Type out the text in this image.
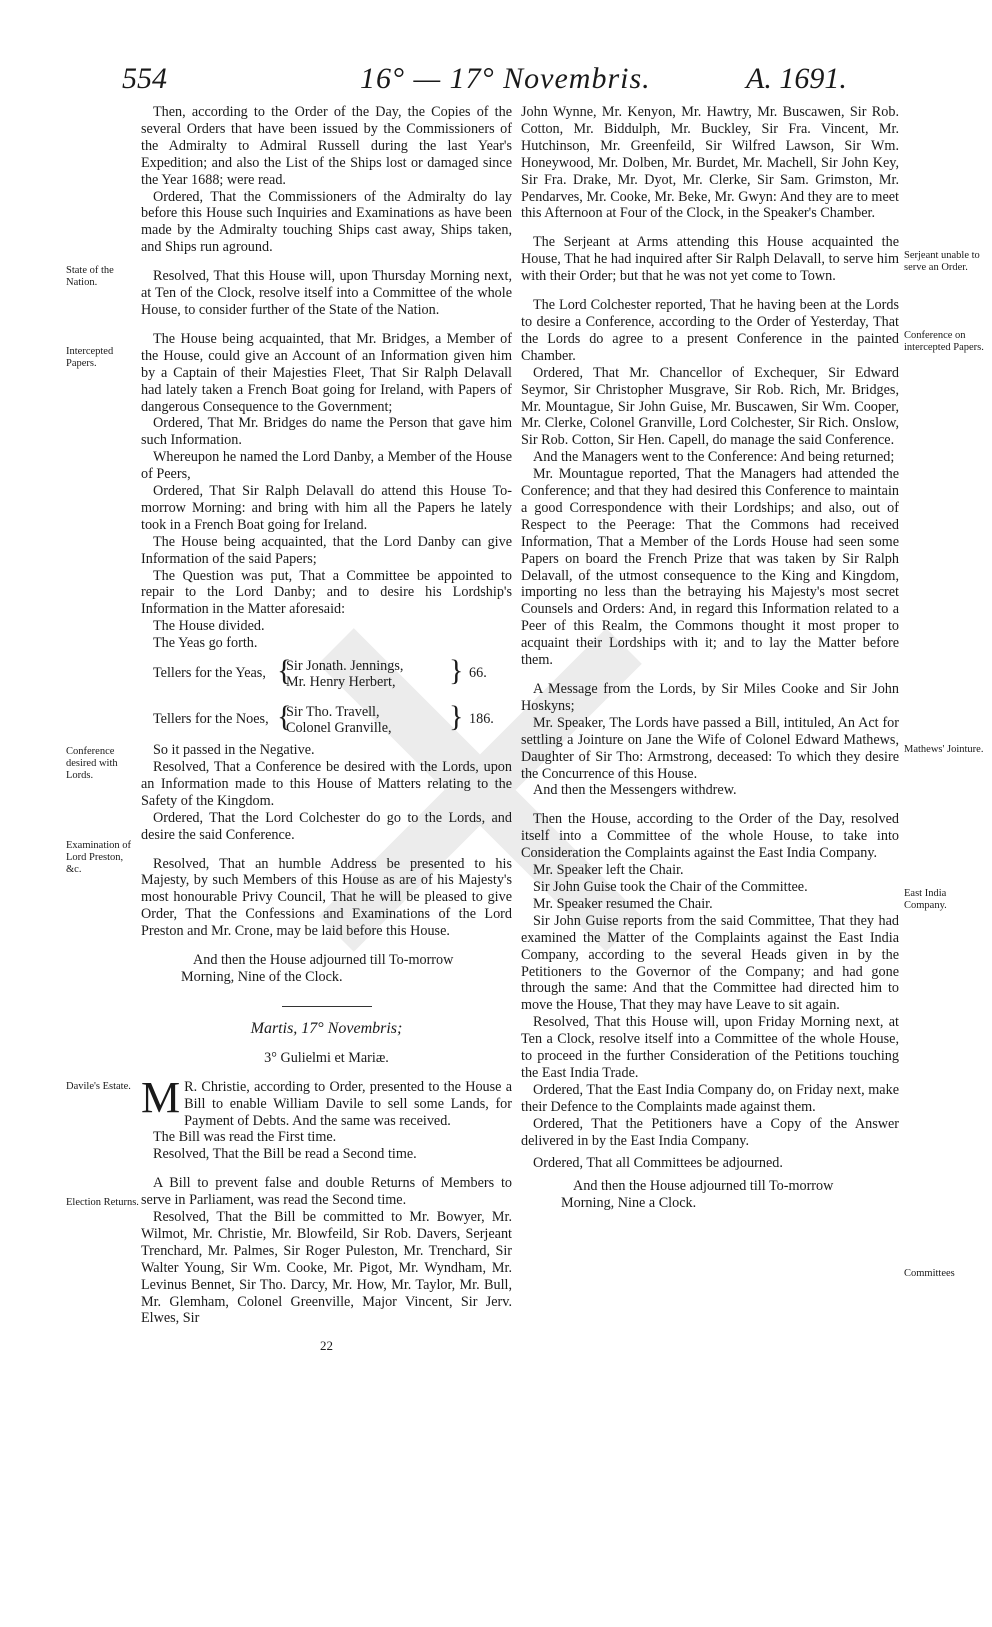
554	16° — 17° Novembris.	A. 1691.
State of the Nation.
Intercepted Papers.
Conference desired with Lords.
Examination of Lord Preston, &c.
Davile's Estate.
Election Returns.
Serjeant unable to serve an Order.
Conference on intercepted Papers.
Mathews' Jointure.
East India Company.
Committees

Then, according to the Order of the Day, the Copies of the several Orders that have been issued by the Commissioners of the Admiralty to Admiral Russell during the last Year's Expedition; and also the List of the Ships lost or damaged since the Year 1688; were read.

Ordered, That the Commissioners of the Admiralty do lay before this House such Inquiries and Examinations as have been made by the Admiralty touching Ships cast away, Ships taken, and Ships run aground.

Resolved, That this House will, upon Thursday Morning next, at Ten of the Clock, resolve itself into a Committee of the whole House, to consider further of the State of the Nation.

The House being acquainted, that Mr. Bridges, a Member of the House, could give an Account of an Information given him by a Captain of their Majesties Fleet, That Sir Ralph Delavall had lately taken a French Boat going for Ireland, with Papers of dangerous Consequence to the Government;

Ordered, That Mr. Bridges do name the Person that gave him such Information.

Whereupon he named the Lord Danby, a Member of the House of Peers,

Ordered, That Sir Ralph Delavall do attend this House To-morrow Morning: and bring with him all the Papers he lately took in a French Boat going for Ireland.

The House being acquainted, that the Lord Danby can give Information of the said Papers;

The Question was put, That a Committee be appointed to repair to the Lord Danby; and to desire his Lordship's Information in the Matter aforesaid:

The House divided.

The Yeas go forth.

Tellers for the Yeas, {
Sir Jonath. Jennings,
Mr. Henry Herbert, } 66.
Tellers for the Noes, {
Sir Tho. Travell,
Colonel Granville, } 186.

So it passed in the Negative.

Resolved, That a Conference be desired with the Lords, upon an Information made to this House of Matters relating to the Safety of the Kingdom.

Ordered, That the Lord Colchester do go to the Lords, and desire the said Conference.

Resolved, That an humble Address be presented to his Majesty, by such Members of this House as are of his Majesty's most honourable Privy Council, That he will be pleased to give Order, That the Confessions and Examinations of the Lord Preston and Mr. Crone, may be laid before this House.

And then the House adjourned till To-morrow Morning, Nine of the Clock.

Martis, 17° Novembris;

3° Gulielmi et Mariæ.

M R. Christie, according to Order, presented to the House a Bill to enable William Davile to sell some Lands, for Payment of Debts. And the same was received.

The Bill was read the First time.

Resolved, That the Bill be read a Second time.

A Bill to prevent false and double Returns of Members to serve in Parliament, was read the Second time.

Resolved, That the Bill be committed to Mr. Bowyer, Mr. Wilmot, Mr. Christie, Mr. Blowfeild, Sir Rob. Davers, Serjeant Trenchard, Mr. Palmes, Sir Roger Puleston, Mr. Trenchard, Sir Walter Young, Sir Wm. Cooke, Mr. Pigot, Mr. Wyndham, Mr. Levinus Bennet, Sir Tho. Darcy, Mr. How, Mr. Taylor, Mr. Bull, Mr. Glemham, Colonel Greenville, Major Vincent, Sir Jerv. Elwes, Sir

John Wynne, Mr. Kenyon, Mr. Hawtry, Mr. Buscawen, Sir Rob. Cotton, Mr. Biddulph, Mr. Buckley, Sir Fra. Vincent, Mr. Hutchinson, Mr. Greenfeild, Sir Wilfred Lawson, Sir Wm. Honeywood, Mr. Dolben, Mr. Burdet, Mr. Machell, Sir John Key, Sir Fra. Drake, Mr. Dyot, Mr. Clerke, Sir Sam. Grimston, Mr. Pendarves, Mr. Cooke, Mr. Beke, Mr. Gwyn: And they are to meet this Afternoon at Four of the Clock, in the Speaker's Chamber.

The Serjeant at Arms attending this House acquainted the House, That he had inquired after Sir Ralph Delavall, to serve him with their Order; but that he was not yet come to Town.

The Lord Colchester reported, That he having been at the Lords to desire a Conference, according to the Order of Yesterday, That the Lords do agree to a present Conference in the painted Chamber.

Ordered, That Mr. Chancellor of Exchequer, Sir Edward Seymor, Sir Christopher Musgrave, Sir Rob. Rich, Mr. Bridges, Mr. Mountague, Sir John Guise, Mr. Buscawen, Sir Wm. Cooper, Mr. Clerke, Colonel Granville, Lord Colchester, Sir Rich. Onslow, Sir Rob. Cotton, Sir Hen. Capell, do manage the said Conference.

And the Managers went to the Conference: And being returned;

Mr. Mountague reported, That the Managers had attended the Conference; and that they had desired this Conference to maintain a good Correspondence with their Lordships; and also, out of Respect to the Peerage: That the Commons had received Information, That a Member of the Lords House had seen some Papers on board the French Prize that was taken by Sir Ralph Delavall, of the utmost consequence to the King and Kingdom, importing no less than the betraying his Majesty's most secret Counsels and Orders: And, in regard this Information related to a Peer of this Realm, the Commons thought it most proper to acquaint their Lordships with it; and to lay the Matter before them.

A Message from the Lords, by Sir Miles Cooke and Sir John Hoskyns;

Mr. Speaker, The Lords have passed a Bill, intituled, An Act for settling a Jointure on Jane the Wife of Colonel Edward Mathews, Daughter of Sir Tho: Armstrong, deceased: To which they desire the Concurrence of this House.

And then the Messengers withdrew.

Then the House, according to the Order of the Day, resolved itself into a Committee of the whole House, to take into Consideration the Complaints against the East India Company.

Mr. Speaker left the Chair.

Sir John Guise took the Chair of the Committee.

Mr. Speaker resumed the Chair.

Sir John Guise reports from the said Committee, That they had examined the Matter of the Complaints against the East India Company, according to the several Heads given in by the Petitioners to the Governor of the Company; and had gone through the same: And that the Committee had directed him to move the House, That they may have Leave to sit again.

Resolved, That this House will, upon Friday Morning next, at Ten a Clock, resolve itself into a Committee of the whole House, to proceed in the further Consideration of the Petitions touching the East India Trade.

Ordered, That the East India Company do, on Friday next, make their Defence to the Complaints made against them.

Ordered, That the Petitioners have a Copy of the Answer delivered in by the East India Company.

Ordered, That all Committees be adjourned.

And then the House adjourned till To-morrow Morning, Nine a Clock.

22
